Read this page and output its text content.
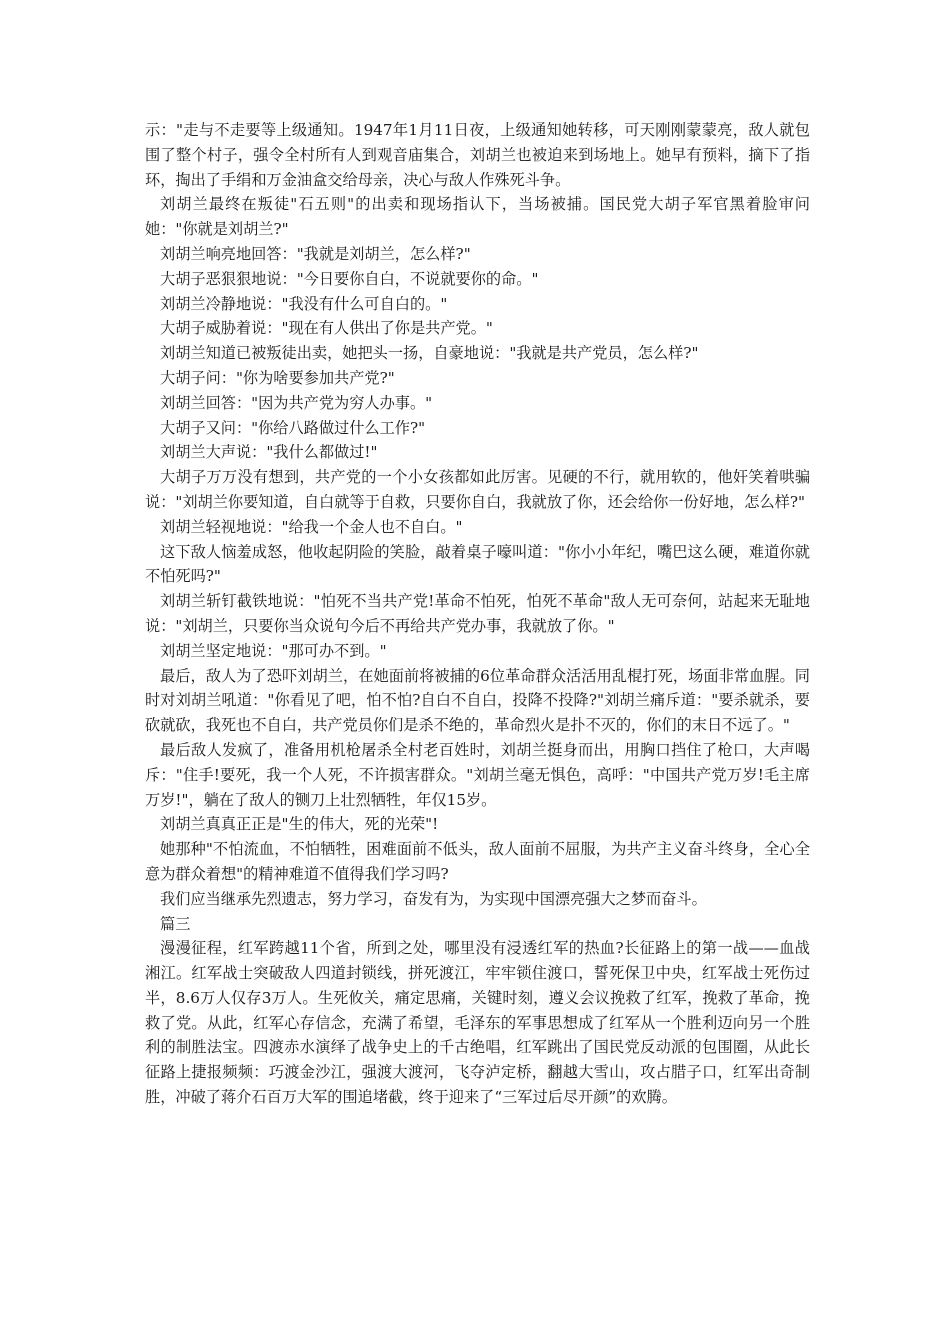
示："走与不走要等上级通知。1947年1月11日夜，上级通知她转移，可天刚刚蒙蒙亮，敌人就包围了整个村子，强令全村所有人到观音庙集合，刘胡兰也被迫来到场地上。她早有预料，摘下了指环，掏出了手绢和万金油盒交给母亲，决心与敌人作殊死斗争。

刘胡兰最终在叛徒"石五则"的出卖和现场指认下，当场被捕。国民党大胡子军官黑着脸审问她："你就是刘胡兰?"

刘胡兰响亮地回答："我就是刘胡兰，怎么样?"

大胡子恶狠狠地说："今日要你自白，不说就要你的命。"

刘胡兰冷静地说："我没有什么可自白的。"

大胡子威胁着说："现在有人供出了你是共产党。"

刘胡兰知道已被叛徒出卖，她把头一扬，自豪地说："我就是共产党员，怎么样?"

大胡子问："你为啥要参加共产党?"

刘胡兰回答："因为共产党为穷人办事。"

大胡子又问："你给八路做过什么工作?"

刘胡兰大声说："我什么都做过!"

大胡子万万没有想到，共产党的一个小女孩都如此厉害。见硬的不行，就用软的，他奸笑着哄骗说："刘胡兰你要知道，自白就等于自救，只要你自白，我就放了你，还会给你一份好地，怎么样?"

刘胡兰轻视地说："给我一个金人也不自白。"

这下敌人恼羞成怒，他收起阴险的笑脸，敲着桌子嚎叫道："你小小年纪，嘴巴这么硬，难道你就不怕死吗?"

刘胡兰斩钉截铁地说："怕死不当共产党!革命不怕死，怕死不革命"敌人无可奈何，站起来无耻地说："刘胡兰，只要你当众说句今后不再给共产党办事，我就放了你。"

刘胡兰坚定地说："那可办不到。"

最后，敌人为了恐吓刘胡兰，在她面前将被捕的6位革命群众活活用乱棍打死，场面非常血腥。同时对刘胡兰吼道："你看见了吧，怕不怕?自白不自白，投降不投降?"刘胡兰痛斥道："要杀就杀，要砍就砍，我死也不自白，共产党员你们是杀不绝的，革命烈火是扑不灭的，你们的末日不远了。"

最后敌人发疯了，准备用机枪屠杀全村老百姓时，刘胡兰挺身而出，用胸口挡住了枪口，大声喝斥："住手!要死，我一个人死，不许损害群众。"刘胡兰毫无惧色，高呼："中国共产党万岁!毛主席万岁!"，躺在了敌人的铡刀上壮烈牺牲，年仅15岁。

刘胡兰真真正正是"生的伟大，死的光荣"!

她那种"不怕流血，不怕牺牲，困难面前不低头，敌人面前不屈服，为共产主义奋斗终身，全心全意为群众着想"的精神难道不值得我们学习吗?

我们应当继承先烈遗志，努力学习，奋发有为，为实现中国漂亮强大之梦而奋斗。

篇三

漫漫征程，红军跨越11个省，所到之处，哪里没有浸透红军的热血?长征路上的第一战——血战湘江。红军战士突破敌人四道封锁线，拼死渡江，牢牢锁住渡口，誓死保卫中央，红军战士死伤过半，8.6万人仅存3万人。生死攸关，痛定思痛，关键时刻，遵义会议挽救了红军，挽救了革命，挽救了党。从此，红军心存信念，充满了希望，毛泽东的军事思想成了红军从一个胜利迈向另一个胜利的制胜法宝。四渡赤水演绎了战争史上的千古绝唱，红军跳出了国民党反动派的包围圈，从此长征路上捷报频频：巧渡金沙江，强渡大渡河，飞夺泸定桥，翻越大雪山，攻占腊子口，红军出奇制胜，冲破了蒋介石百万大军的围追堵截，终于迎来了“三军过后尽开颜”的欢腾。
